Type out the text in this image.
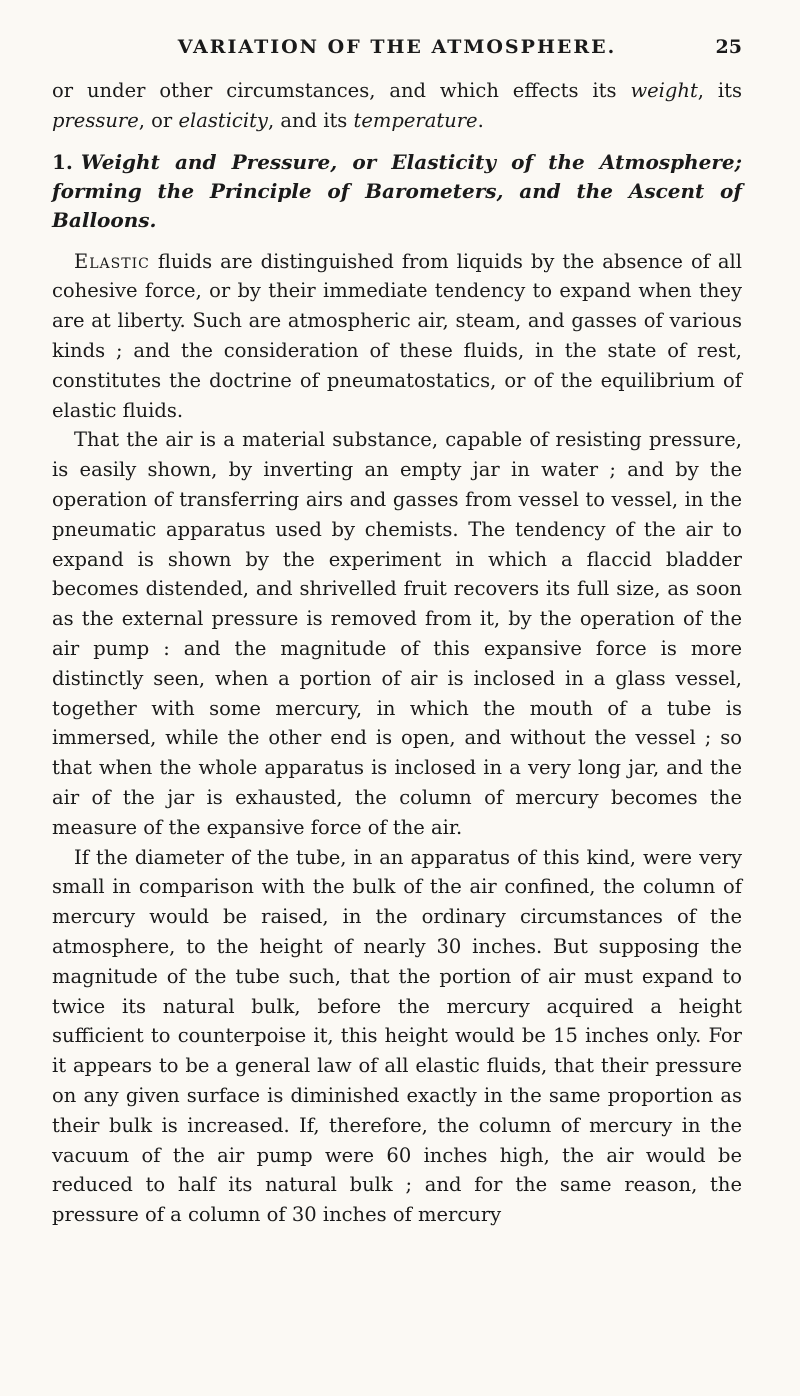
VARIATION OF THE ATMOSPHERE.	25

or under other circumstances, and which effects its weight, its pressure, or elasticity, and its temperature.

1. Weight and Pressure, or Elasticity of the Atmosphere; forming the Principle of Barometers, and the Ascent of Balloons.

Elastic fluids are distinguished from liquids by the absence of all cohesive force, or by their immediate tendency to expand when they are at liberty. Such are atmospheric air, steam, and gasses of various kinds ; and the consideration of these fluids, in the state of rest, constitutes the doctrine of pneumatostatics, or of the equilibrium of elastic fluids.

That the air is a material substance, capable of resisting pressure, is easily shown, by inverting an empty jar in water ; and by the operation of transferring airs and gasses from vessel to vessel, in the pneumatic apparatus used by chemists. The tendency of the air to expand is shown by the experiment in which a flaccid bladder becomes distended, and shrivelled fruit recovers its full size, as soon as the external pressure is removed from it, by the operation of the air pump : and the magnitude of this expansive force is more distinctly seen, when a portion of air is inclosed in a glass vessel, together with some mercury, in which the mouth of a tube is immersed, while the other end is open, and without the vessel ; so that when the whole apparatus is inclosed in a very long jar, and the air of the jar is exhausted, the column of mercury becomes the measure of the expansive force of the air.

If the diameter of the tube, in an apparatus of this kind, were very small in comparison with the bulk of the air confined, the column of mercury would be raised, in the ordinary circumstances of the atmosphere, to the height of nearly 30 inches. But supposing the magnitude of the tube such, that the portion of air must expand to twice its natural bulk, before the mercury acquired a height sufficient to counterpoise it, this height would be 15 inches only. For it appears to be a general law of all elastic fluids, that their pressure on any given surface is diminished exactly in the same proportion as their bulk is increased. If, therefore, the column of mercury in the vacuum of the air pump were 60 inches high, the air would be reduced to half its natural bulk ; and for the same reason, the pressure of a column of 30 inches of mercury
